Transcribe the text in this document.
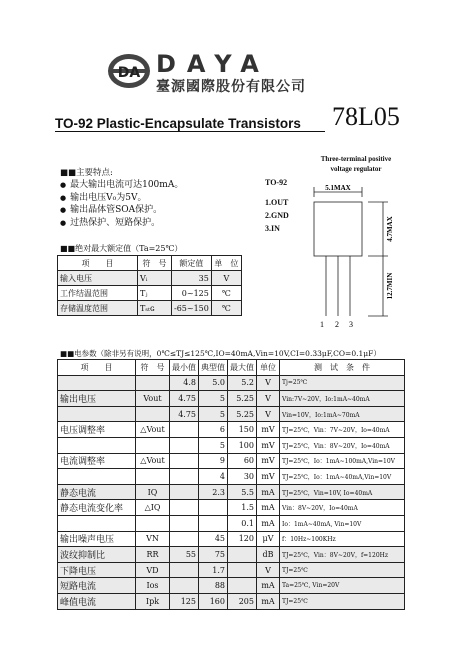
DA DAYA
臺源國際股份有限公司
TO-92 Plastic-Encapsulate Transistors 78L05
■■主要特点:
● 最大输出电流可达100mA。
● 输出电压V₀为5V。
● 输出晶体管SOA保护。
● 过热保护、短路保护。
TO-92
1.OUT
2.GND
3.IN
Three-terminal positive
voltage regulator
5.1MAX
4.7MAX
12.7MIN
1 2 3
■■绝对最大额定值（Ta=25℃）
项　　目	符　号	额定值	单　位
输入电压	Vᵢ	35	V
工作结温范围	Tⱼ	0~125	℃
存储温度范围	Tₛₜɢ	-65~150	℃
■■电参数（除非另有说明，0℃≤TJ≤125℃,IO=40mA,Vin=10V,CI=0.33μF,CO=0.1μF）
项　　目	符　号	最小值	典型值	最大值	单位	测　试　条　件
		4.8	5.0	5.2	V	Tj=25℃
输出电压	Vout	4.75	5	5.25	V	Vin:7V~20V，Io:1mA~40mA
		4.75	5	5.25	V	Vin=10V，Io:1mA~70mA
电压调整率	△Vout		6	150	mV	TJ=25℃，Vin：7V~20V，Io=40mA
			5	100	mV	TJ=25℃，Vin：8V~20V，Io=40mA
电流调整率	△Vout		9	60	mV	TJ=25℃，Io：1mA~100mA,Vin=10V
			4	30	mV	TJ=25℃，Io：1mA~40mA,Vin=10V
静态电流	IQ		2.3	5.5	mA	TJ=25℃，Vin=10V, Io=40mA
静态电流变化率	△IQ			1.5	mA	Vin：8V~20V，Io=40mA
				0.1	mA	Io：1mA~40mA, Vin=10V
输出噪声电压	VN		45	120	μV	f：10Hz~100KHz
波纹抑制比	RR	55	75		dB	TJ=25℃，Vin：8V~20V，f=120Hz
下降电压	VD		1.7		V	TJ=25℃
短路电流	Ios		88		mA	Ta=25℃, Vin=20V
峰值电流	Ipk	125	160	205	mA	TJ=25℃
